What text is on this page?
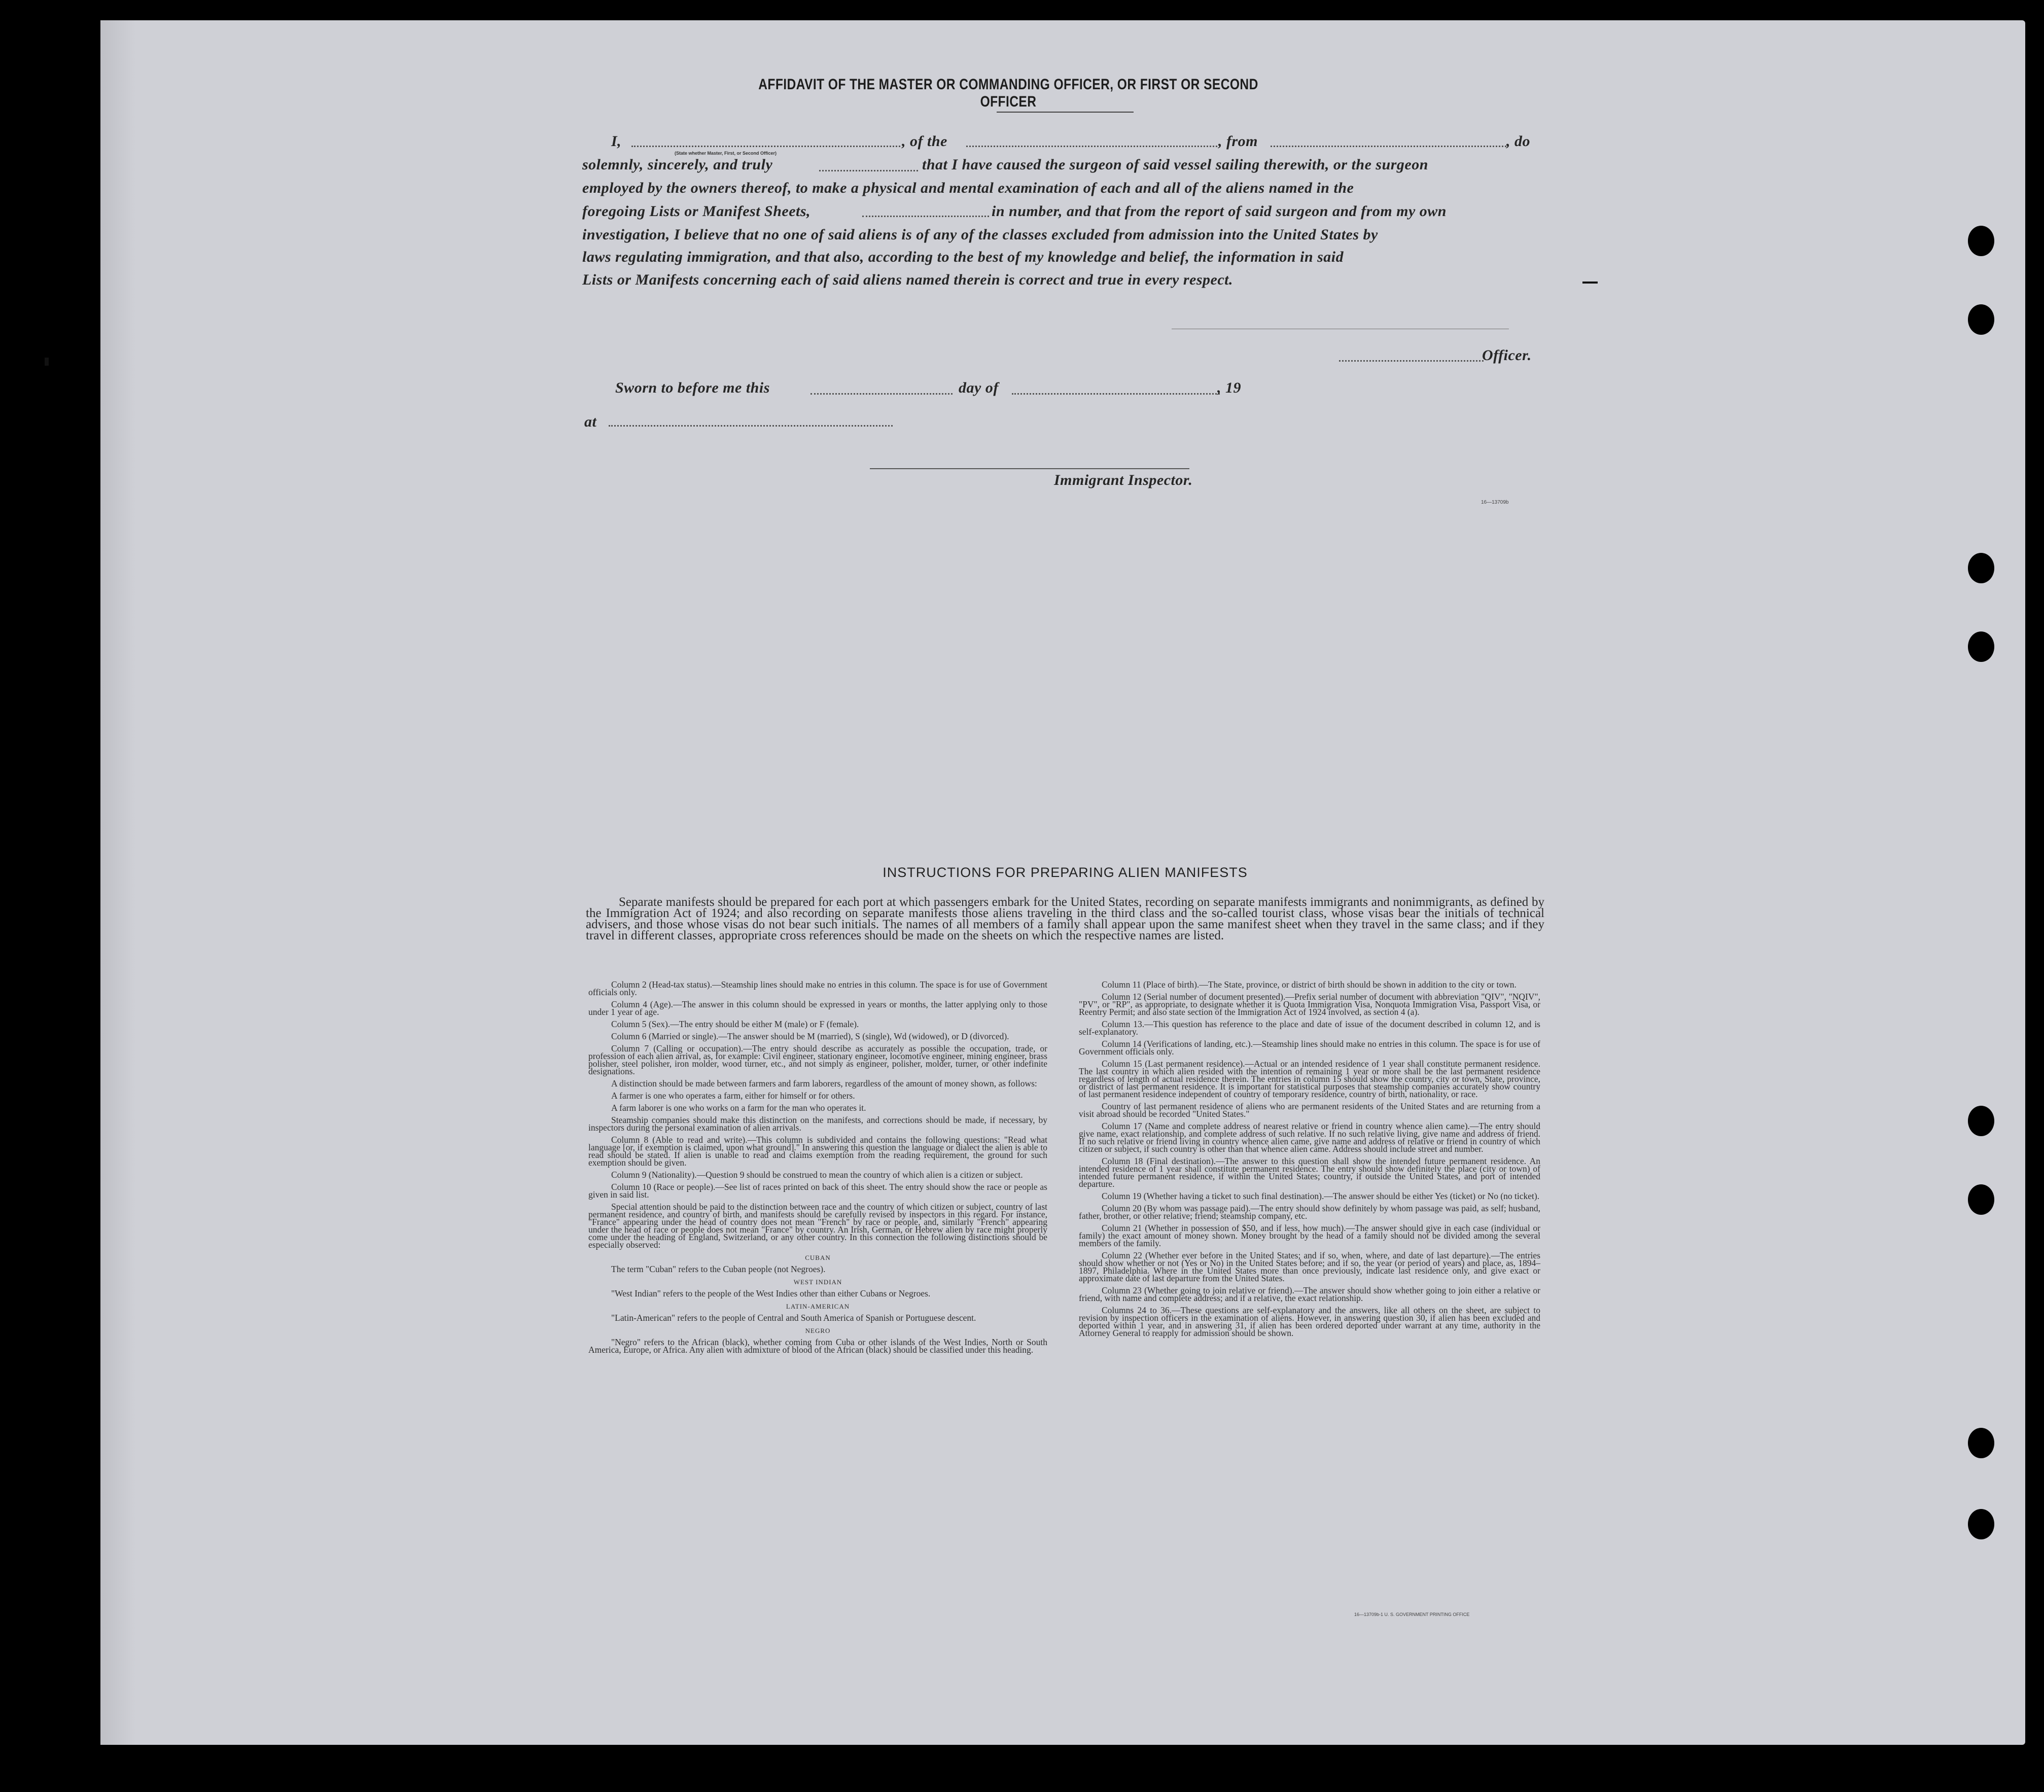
AFFIDAVIT OF THE MASTER OR COMMANDING OFFICER, OR FIRST OR SECOND OFFICER
I,
(State whether Master, First, or Second Officer)
, of the	, from	, do
solemnly, sincerely, and truly	that I have caused the surgeon of said vessel sailing therewith, or the surgeon
employed by the owners thereof, to make a physical and mental examination of each and all of the aliens named in the
foregoing Lists or Manifest Sheets,	in number, and that from the report of said surgeon and from my own
investigation, I believe that no one of said aliens is of any of the classes excluded from admission into the United States by
laws regulating immigration, and that also, according to the best of my knowledge and belief, the information in said
Lists or Manifests concerning each of said aliens named therein is correct and true in every respect.
Officer.
Sworn to before me this	day of	, 19
at
Immigrant Inspector.
16—13709b
INSTRUCTIONS FOR PREPARING ALIEN MANIFESTS
Separate manifests should be prepared for each port at which passengers embark for the United States, recording on separate manifests immigrants and nonimmigrants, as defined by the Immigration Act of 1924; and also recording on separate manifests those aliens traveling in the third class and the so-called tourist class, whose visas bear the initials of technical advisers, and those whose visas do not bear such initials. The names of all members of a family shall appear upon the same manifest sheet when they travel in the same class; and if they travel in different classes, appropriate cross references should be made on the sheets on which the respective names are listed.

Column 2 (Head-tax status).—Steamship lines should make no entries in this column. The space is for use of Government officials only.

Column 4 (Age).—The answer in this column should be expressed in years or months, the latter applying only to those under 1 year of age.

Column 5 (Sex).—The entry should be either M (male) or F (female).

Column 6 (Married or single).—The answer should be M (married), S (single), Wd (widowed), or D (divorced).

Column 7 (Calling or occupation).—The entry should describe as accurately as possible the occupation, trade, or profession of each alien arrival, as, for example: Civil engineer, stationary engineer, locomotive engineer, mining engineer, brass polisher, steel polisher, iron molder, wood turner, etc., and not simply as engineer, polisher, molder, turner, or other indefinite designations.

A distinction should be made between farmers and farm laborers, regardless of the amount of money shown, as follows:

A farmer is one who operates a farm, either for himself or for others.

A farm laborer is one who works on a farm for the man who operates it.

Steamship companies should make this distinction on the manifests, and corrections should be made, if necessary, by inspectors during the personal examination of alien arrivals.

Column 8 (Able to read and write).—This column is subdivided and contains the following questions: "Read what language [or, if exemption is claimed, upon what ground]." In answering this question the language or dialect the alien is able to read should be stated. If alien is unable to read and claims exemption from the reading requirement, the ground for such exemption should be given.

Column 9 (Nationality).—Question 9 should be construed to mean the country of which alien is a citizen or subject.

Column 10 (Race or people).—See list of races printed on back of this sheet. The entry should show the race or people as given in said list.

Special attention should be paid to the distinction between race and the country of which citizen or subject, country of last permanent residence, and country of birth, and manifests should be carefully revised by inspectors in this regard. For instance, "France" appearing under the head of country does not mean "French" by race or people, and, similarly "French" appearing under the head of race or people does not mean "France" by country. An Irish, German, or Hebrew alien by race might properly come under the heading of England, Switzerland, or any other country. In this connection the following distinctions should be especially observed:

CUBAN

The term "Cuban" refers to the Cuban people (not Negroes).

WEST INDIAN

"West Indian" refers to the people of the West Indies other than either Cubans or Negroes.

LATIN-AMERICAN

"Latin-American" refers to the people of Central and South America of Spanish or Portuguese descent.

NEGRO

"Negro" refers to the African (black), whether coming from Cuba or other islands of the West Indies, North or South America, Europe, or Africa. Any alien with admixture of blood of the African (black) should be classified under this heading.

Column 11 (Place of birth).—The State, province, or district of birth should be shown in addition to the city or town.

Column 12 (Serial number of document presented).—Prefix serial number of document with abbreviation "QIV", "NQIV", "PV", or "RP", as appropriate, to designate whether it is Quota Immigration Visa, Nonquota Immigration Visa, Passport Visa, or Reentry Permit; and also state section of the Immigration Act of 1924 involved, as section 4 (a).

Column 13.—This question has reference to the place and date of issue of the document described in column 12, and is self-explanatory.

Column 14 (Verifications of landing, etc.).—Steamship lines should make no entries in this column. The space is for use of Government officials only.

Column 15 (Last permanent residence).—Actual or an intended residence of 1 year shall constitute permanent residence. The last country in which alien resided with the intention of remaining 1 year or more shall be the last permanent residence regardless of length of actual residence therein. The entries in column 15 should show the country, city or town, State, province, or district of last permanent residence. It is important for statistical purposes that steamship companies accurately show country of last permanent residence independent of country of temporary residence, country of birth, nationality, or race.

Country of last permanent residence of aliens who are permanent residents of the United States and are returning from a visit abroad should be recorded "United States."

Column 17 (Name and complete address of nearest relative or friend in country whence alien came).—The entry should give name, exact relationship, and complete address of such relative. If no such relative living, give name and address of friend. If no such relative or friend living in country whence alien came, give name and address of relative or friend in country of which citizen or subject, if such country is other than that whence alien came. Address should include street and number.

Column 18 (Final destination).—The answer to this question shall show the intended future permanent residence. An intended residence of 1 year shall constitute permanent residence. The entry should show definitely the place (city or town) of intended future permanent residence, if within the United States; country, if outside the United States, and port of intended departure.

Column 19 (Whether having a ticket to such final destination).—The answer should be either Yes (ticket) or No (no ticket).

Column 20 (By whom was passage paid).—The entry should show definitely by whom passage was paid, as self; husband, father, brother, or other relative; friend; steamship company, etc.

Column 21 (Whether in possession of $50, and if less, how much).—The answer should give in each case (individual or family) the exact amount of money shown. Money brought by the head of a family should not be divided among the several members of the family.

Column 22 (Whether ever before in the United States; and if so, when, where, and date of last departure).—The entries should show whether or not (Yes or No) in the United States before; and if so, the year (or period of years) and place, as, 1894–1897, Philadelphia. Where in the United States more than once previously, indicate last residence only, and give exact or approximate date of last departure from the United States.

Column 23 (Whether going to join relative or friend).—The answer should show whether going to join either a relative or friend, with name and complete address; and if a relative, the exact relationship.

Columns 24 to 36.—These questions are self-explanatory and the answers, like all others on the sheet, are subject to revision by inspection officers in the examination of aliens. However, in answering question 30, if alien has been excluded and deported within 1 year, and in answering 31, if alien has been ordered deported under warrant at any time, authority in the Attorney General to reapply for admission should be shown.

16—13709b-1 U. S. GOVERNMENT PRINTING OFFICE
